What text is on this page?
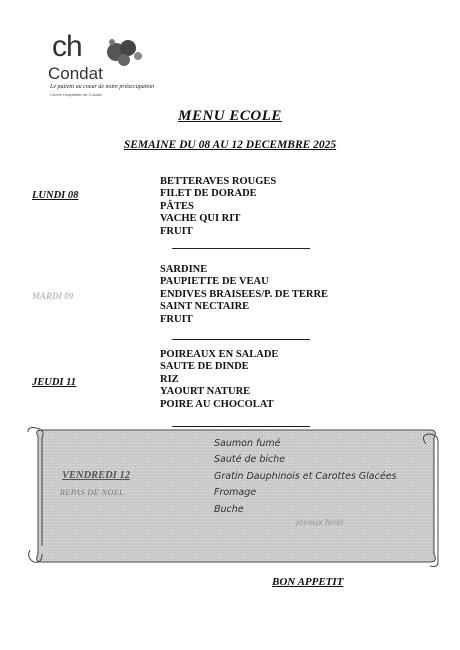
ch
Condat
Le patient au coeur de notre préoccupation
Centre Hospitalier de Condat
MENU ECOLE
SEMAINE DU 08 AU 12 DECEMBRE 2025
LUNDI 08
BETTERAVES ROUGES
FILET DE DORADE
PÂTES
VACHE QUI RIT
FRUIT
MARDI 09
SARDINE
PAUPIETTE DE VEAU
ENDIVES BRAISEES/P. DE TERRE
SAINT NECTAIRE
FRUIT
JEUDI 11
POIREAUX EN SALADE
SAUTE DE DINDE
RIZ
YAOURT NATURE
POIRE AU CHOCOLAT
VENDREDI 12
REPAS DE NOEL
Saumon fumé
Sauté de biche
Gratin Dauphinois et Carottes Glacées
Fromage
Buche
Joyeux Noël
BON APPETIT
